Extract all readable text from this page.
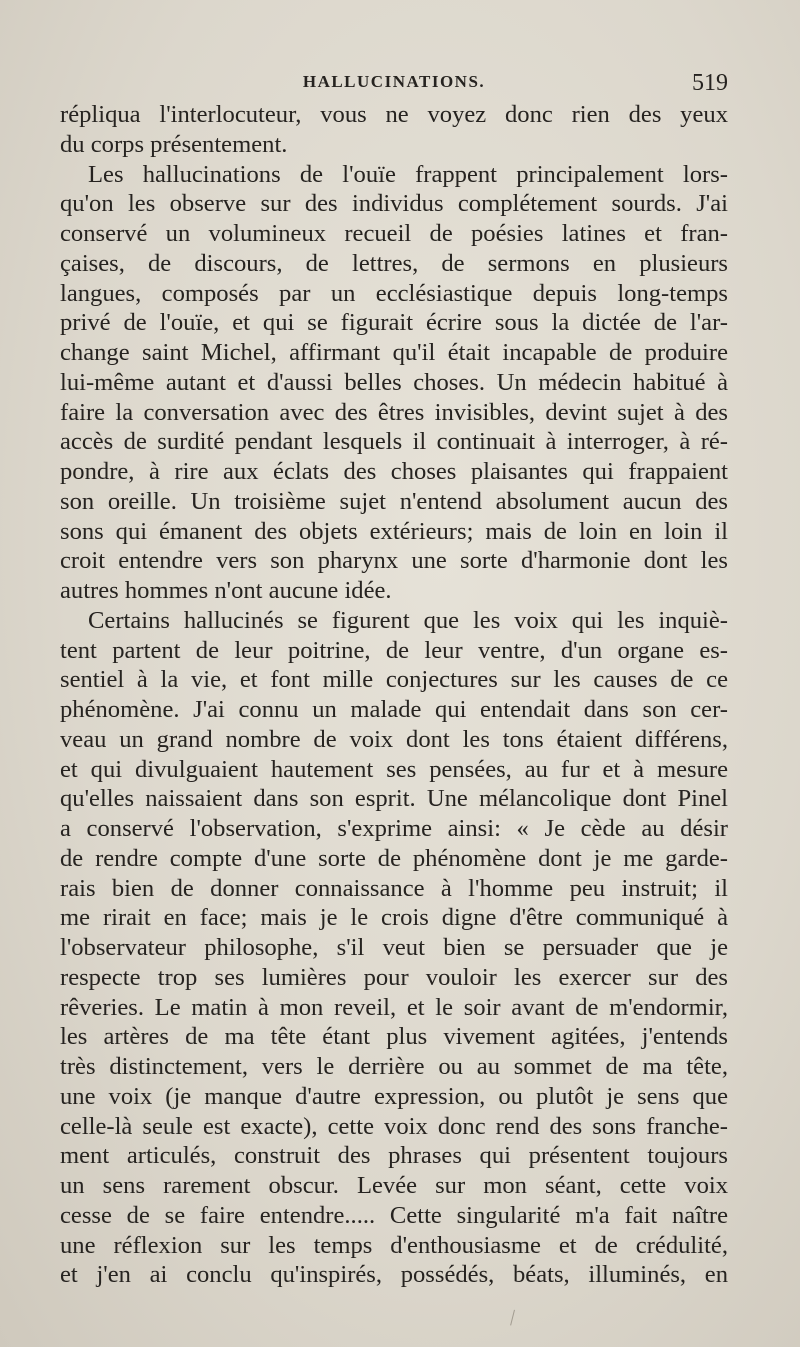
HALLUCINATIONS.	519
répliqua l'interlocuteur, vous ne voyez donc rien des yeux
du corps présentement.
Les hallucinations de l'ouïe frappent principalement lors-
qu'on les observe sur des individus complétement sourds. J'ai
conservé un volumineux recueil de poésies latines et fran-
çaises, de discours, de lettres, de sermons en plusieurs
langues, composés par un ecclésiastique depuis long-temps
privé de l'ouïe, et qui se figurait écrire sous la dictée de l'ar-
change saint Michel, affirmant qu'il était incapable de produire
lui-même autant et d'aussi belles choses. Un médecin habitué à
faire la conversation avec des êtres invisibles, devint sujet à des
accès de surdité pendant lesquels il continuait à interroger, à ré-
pondre, à rire aux éclats des choses plaisantes qui frappaient
son oreille. Un troisième sujet n'entend absolument aucun des
sons qui émanent des objets extérieurs; mais de loin en loin il
croit entendre vers son pharynx une sorte d'harmonie dont les
autres hommes n'ont aucune idée.
Certains hallucinés se figurent que les voix qui les inquiè-
tent partent de leur poitrine, de leur ventre, d'un organe es-
sentiel à la vie, et font mille conjectures sur les causes de ce
phénomène. J'ai connu un malade qui entendait dans son cer-
veau un grand nombre de voix dont les tons étaient différens,
et qui divulguaient hautement ses pensées, au fur et à mesure
qu'elles naissaient dans son esprit. Une mélancolique dont Pinel
a conservé l'observation, s'exprime ainsi: « Je cède au désir
de rendre compte d'une sorte de phénomène dont je me garde-
rais bien de donner connaissance à l'homme peu instruit; il
me rirait en face; mais je le crois digne d'être communiqué à
l'observateur philosophe, s'il veut bien se persuader que je
respecte trop ses lumières pour vouloir les exercer sur des
rêveries. Le matin à mon reveil, et le soir avant de m'endormir,
les artères de ma tête étant plus vivement agitées, j'entends
très distinctement, vers le derrière ou au sommet de ma tête,
une voix (je manque d'autre expression, ou plutôt je sens que
celle-là seule est exacte), cette voix donc rend des sons franche-
ment articulés, construit des phrases qui présentent toujours
un sens rarement obscur. Levée sur mon séant, cette voix
cesse de se faire entendre..... Cette singularité m'a fait naître
une réflexion sur les temps d'enthousiasme et de crédulité,
et j'en ai conclu qu'inspirés, possédés, béats, illuminés, en
